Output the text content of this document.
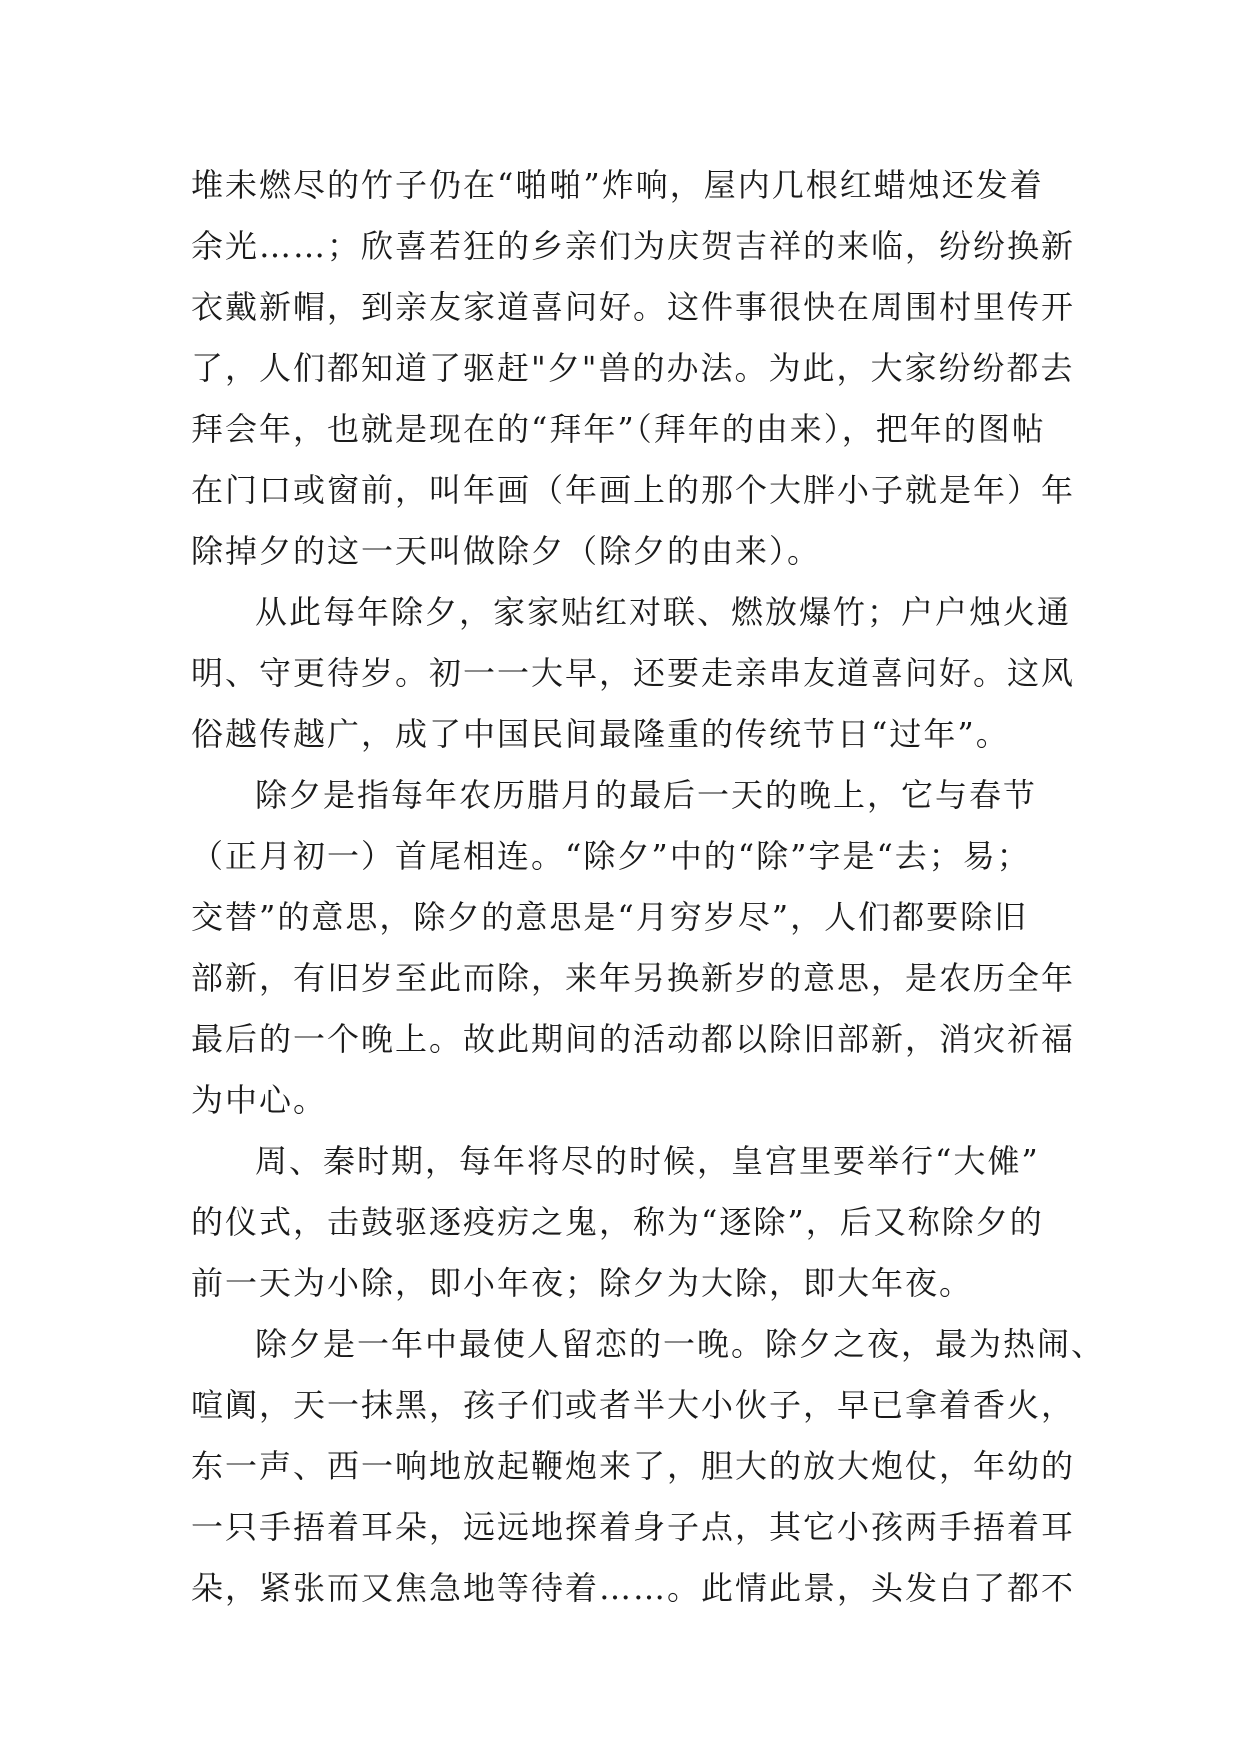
堆未燃尽的竹子仍在“啪啪”炸响，屋内几根红蜡烛还发着
余光……；欣喜若狂的乡亲们为庆贺吉祥的来临，纷纷换新
衣戴新帽，到亲友家道喜问好。这件事很快在周围村里传开
了，人们都知道了驱赶"夕"兽的办法。为此，大家纷纷都去
拜会年，也就是现在的“拜年”（拜年的由来），把年的图帖
在门口或窗前，叫年画（年画上的那个大胖小子就是年）年
除掉夕的这一天叫做除夕（除夕的由来）。
从此每年除夕，家家贴红对联、燃放爆竹；户户烛火通
明、守更待岁。初一一大早，还要走亲串友道喜问好。这风
俗越传越广，成了中国民间最隆重的传统节日“过年”。
除夕是指每年农历腊月的最后一天的晚上，它与春节
（正月初一）首尾相连。“除夕”中的“除”字是“去；易；
交替”的意思，除夕的意思是“月穷岁尽”，人们都要除旧
部新，有旧岁至此而除，来年另换新岁的意思，是农历全年
最后的一个晚上。故此期间的活动都以除旧部新，消灾祈福
为中心。
周、秦时期，每年将尽的时候，皇宫里要举行“大傩”
的仪式，击鼓驱逐疫疠之鬼，称为“逐除”，后又称除夕的
前一天为小除，即小年夜；除夕为大除，即大年夜。
除夕是一年中最使人留恋的一晚。除夕之夜，最为热闹、
喧阗，天一抹黑，孩子们或者半大小伙子，早已拿着香火，
东一声、西一响地放起鞭炮来了，胆大的放大炮仗，年幼的
一只手捂着耳朵，远远地探着身子点，其它小孩两手捂着耳
朵，紧张而又焦急地等待着……。此情此景，头发白了都不
